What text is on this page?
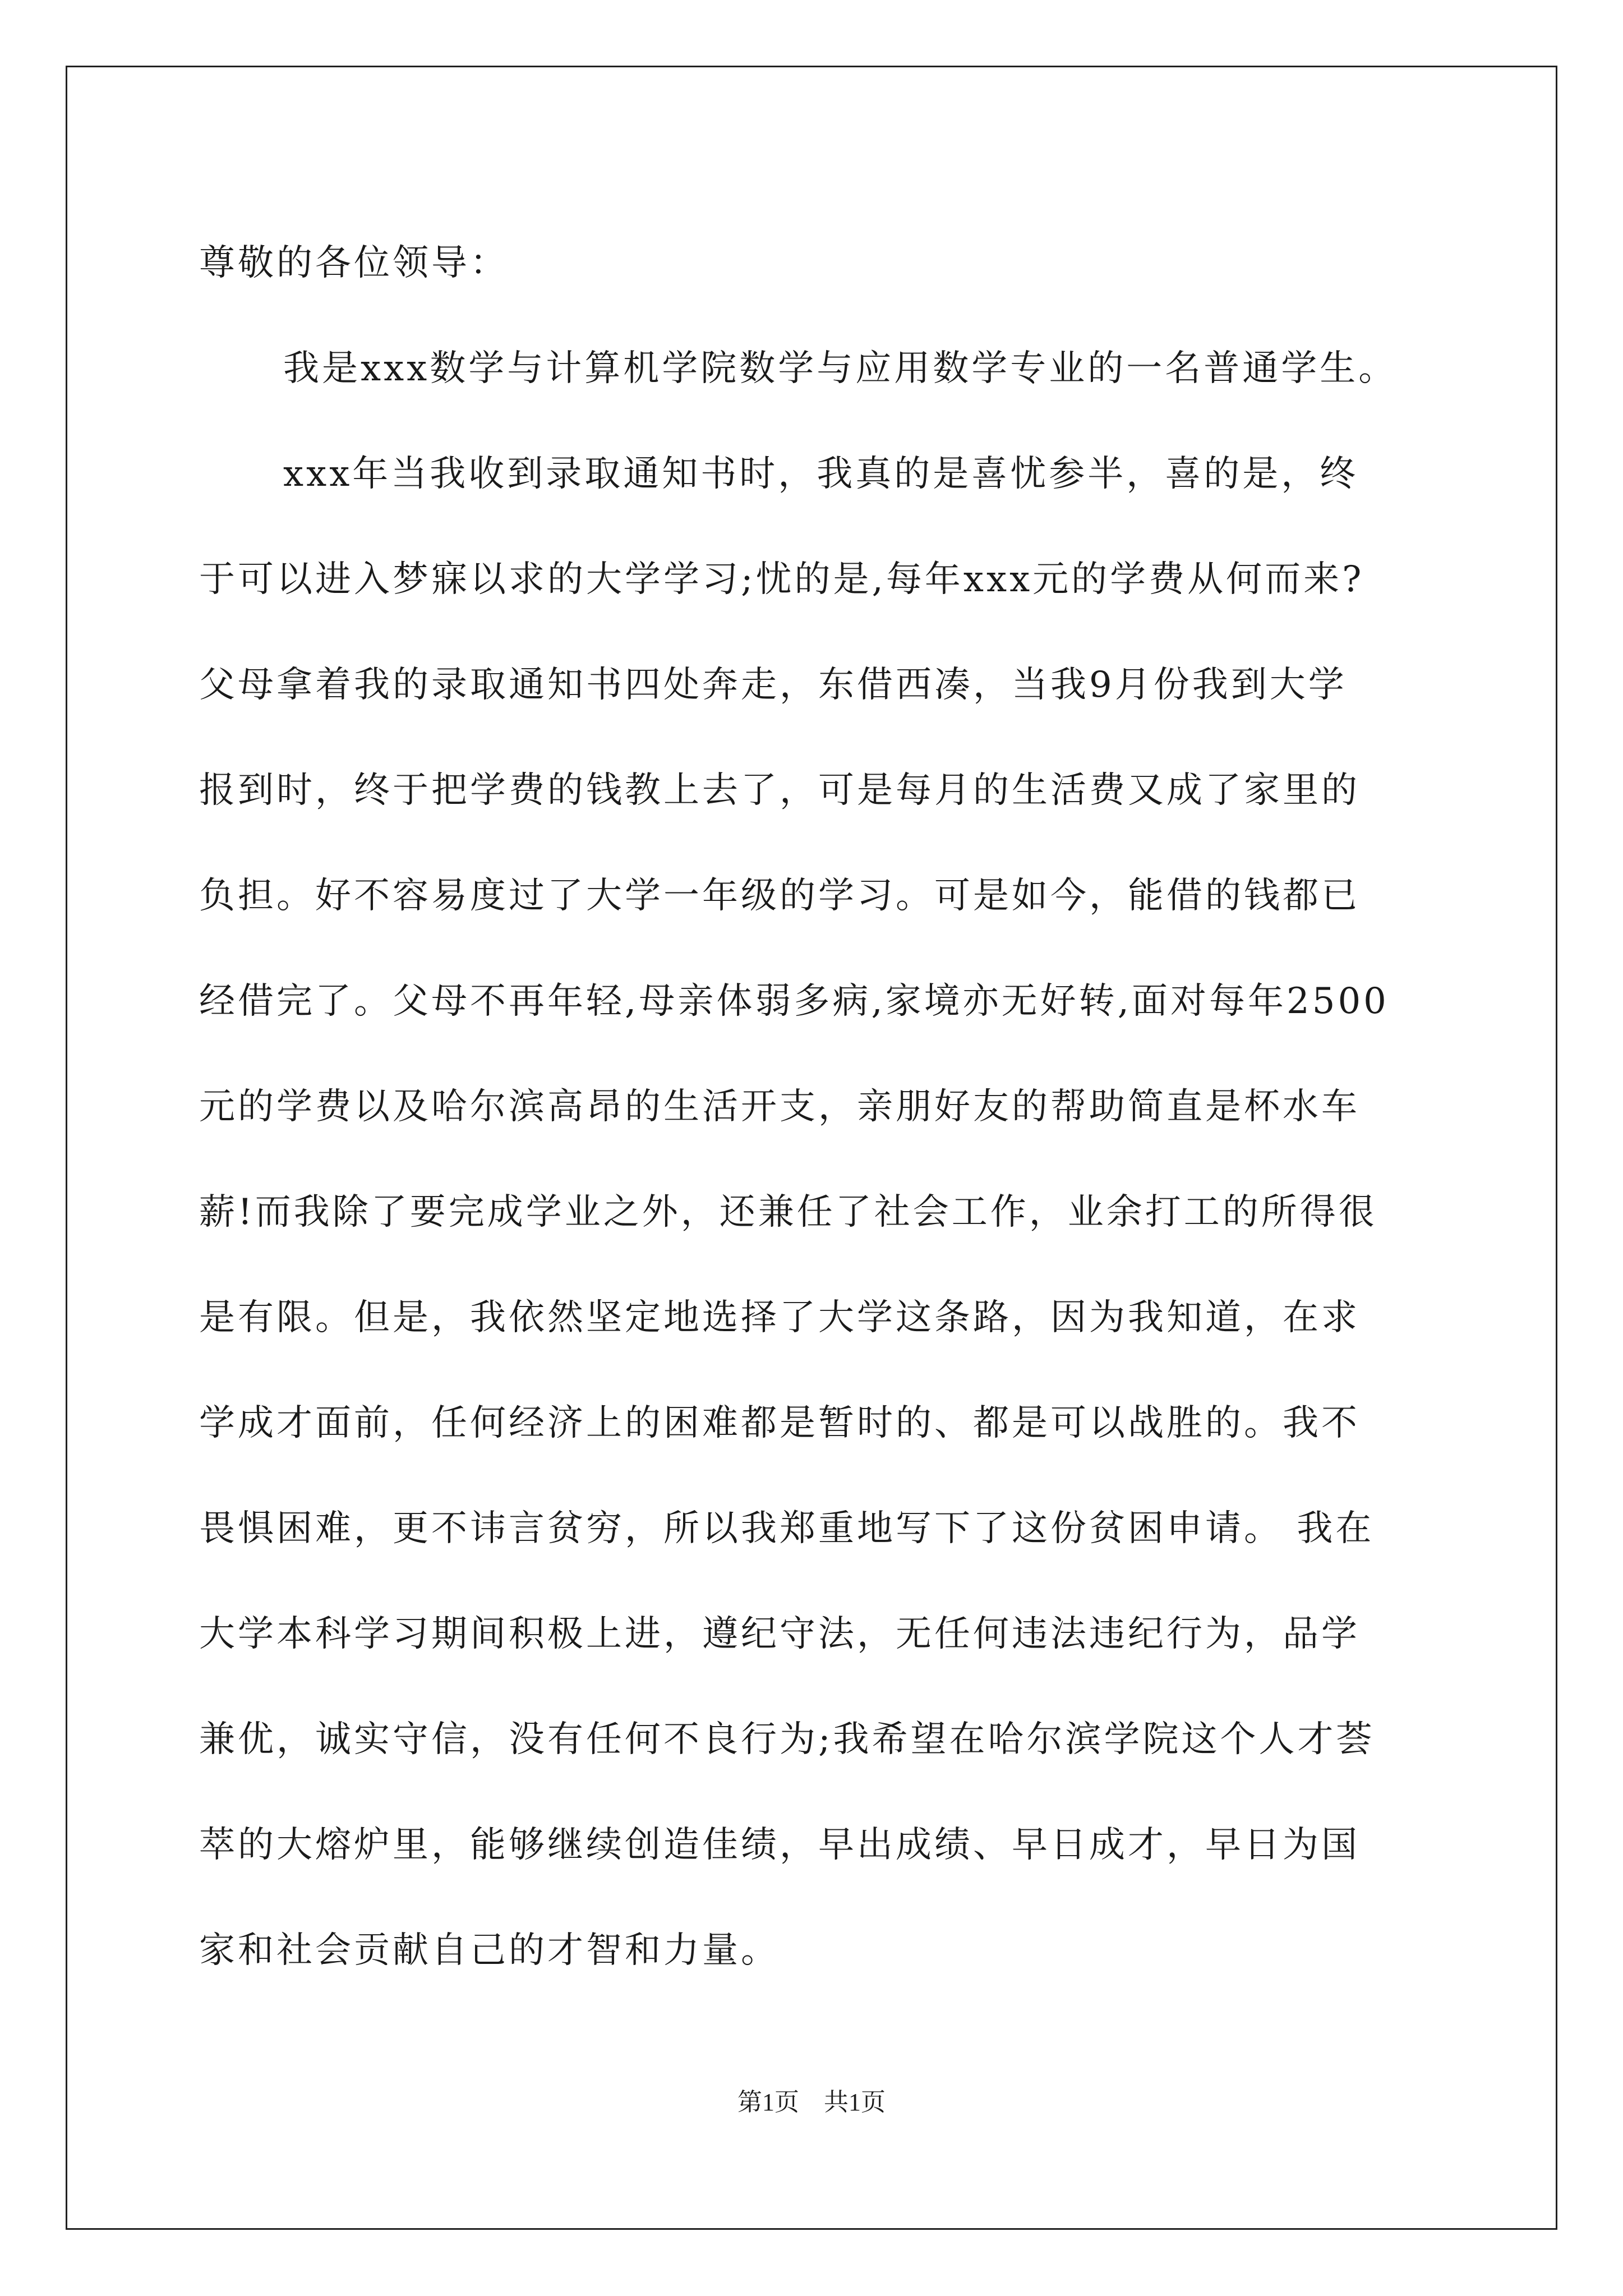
尊敬的各位领导：
我是xxx数学与计算机学院数学与应用数学专业的一名普通学生。
xxx年当我收到录取通知书时，我真的是喜忧参半，喜的是，终
于可以进入梦寐以求的大学学习;忧的是,每年xxx元的学费从何而来?
父母拿着我的录取通知书四处奔走，东借西凑，当我9月份我到大学
报到时，终于把学费的钱教上去了，可是每月的生活费又成了家里的
负担。好不容易度过了大学一年级的学习。可是如今，能借的钱都已
经借完了。父母不再年轻,母亲体弱多病,家境亦无好转,面对每年2500
元的学费以及哈尔滨高昂的生活开支，亲朋好友的帮助简直是杯水车
薪!而我除了要完成学业之外，还兼任了社会工作，业余打工的所得很
是有限。但是，我依然坚定地选择了大学这条路，因为我知道，在求
学成才面前，任何经济上的困难都是暂时的、都是可以战胜的。我不
畏惧困难，更不讳言贫穷，所以我郑重地写下了这份贫困申请。 我在
大学本科学习期间积极上进，遵纪守法，无任何违法违纪行为，品学
兼优，诚实守信，没有任何不良行为;我希望在哈尔滨学院这个人才荟
萃的大熔炉里，能够继续创造佳绩，早出成绩、早日成才，早日为国
家和社会贡献自己的才智和力量。
第1页　共1页
